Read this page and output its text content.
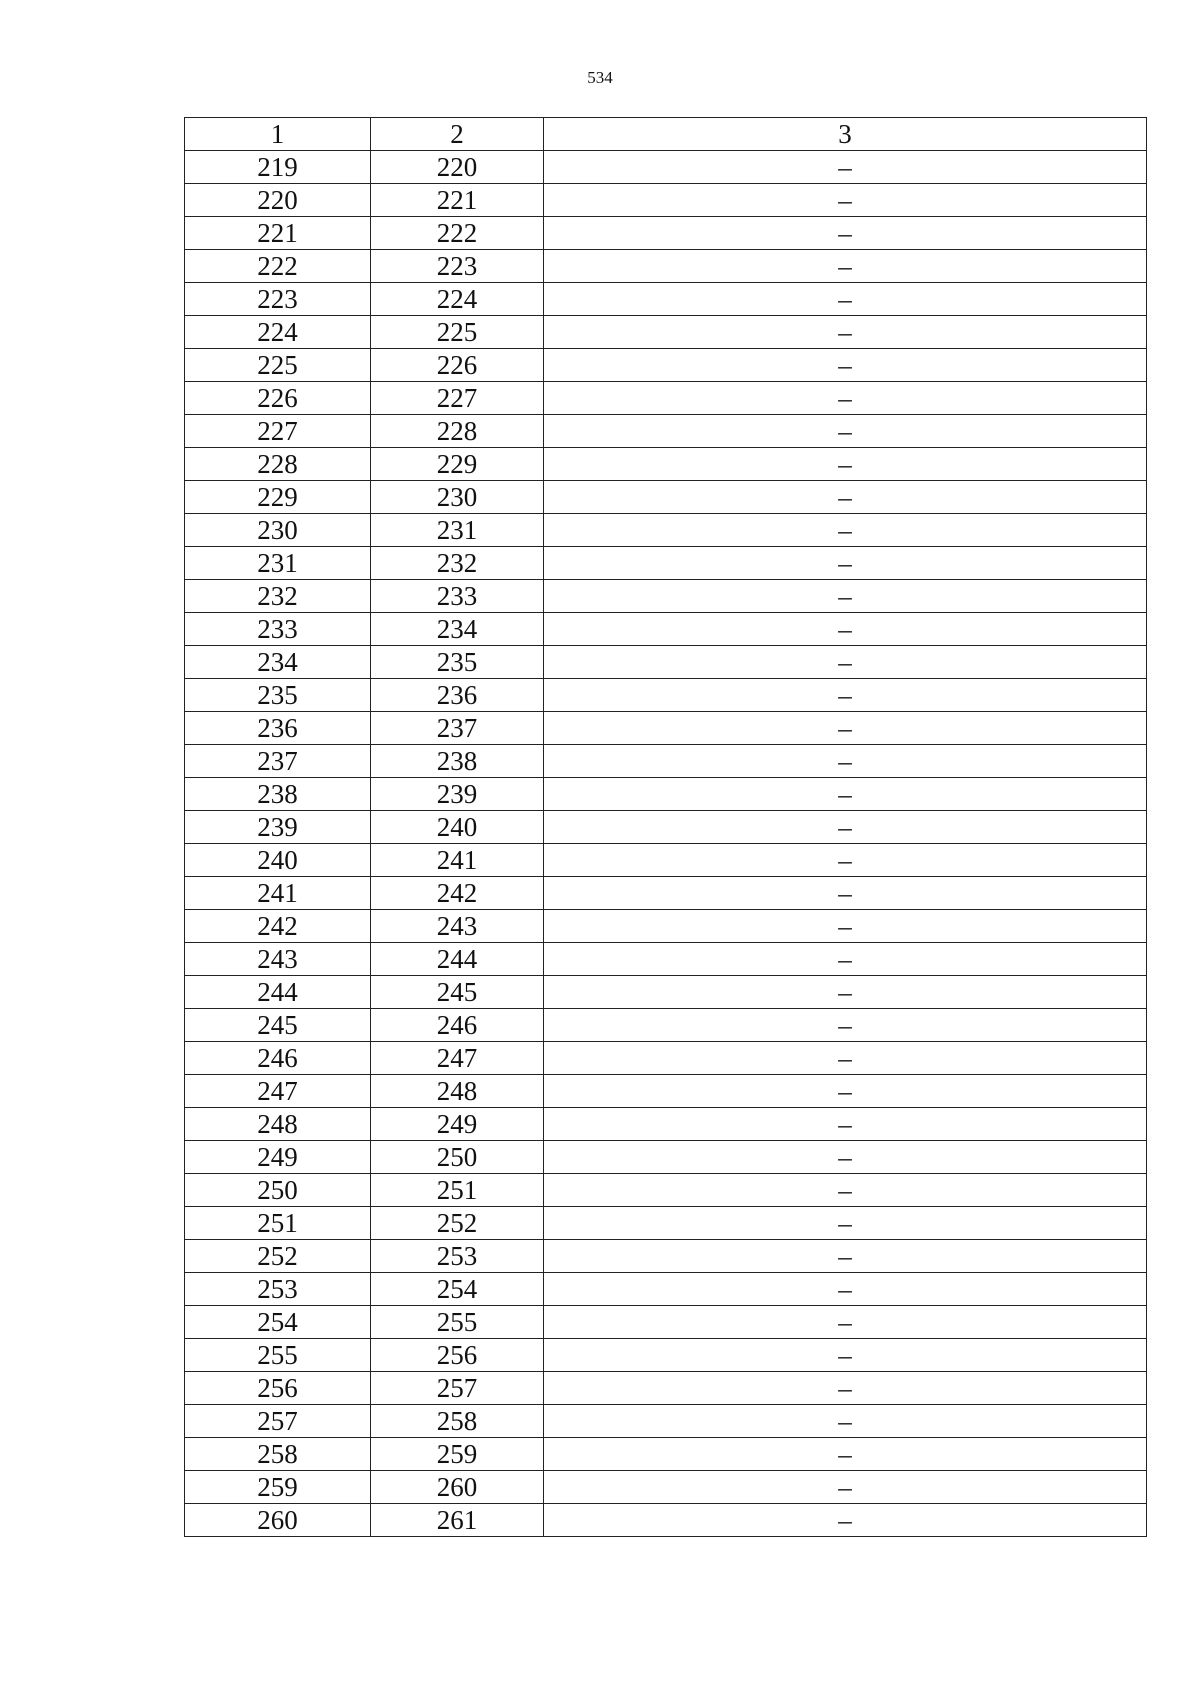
534
1	2	3
219	220	–
220	221	–
221	222	–
222	223	–
223	224	–
224	225	–
225	226	–
226	227	–
227	228	–
228	229	–
229	230	–
230	231	–
231	232	–
232	233	–
233	234	–
234	235	–
235	236	–
236	237	–
237	238	–
238	239	–
239	240	–
240	241	–
241	242	–
242	243	–
243	244	–
244	245	–
245	246	–
246	247	–
247	248	–
248	249	–
249	250	–
250	251	–
251	252	–
252	253	–
253	254	–
254	255	–
255	256	–
256	257	–
257	258	–
258	259	–
259	260	–
260	261	–
